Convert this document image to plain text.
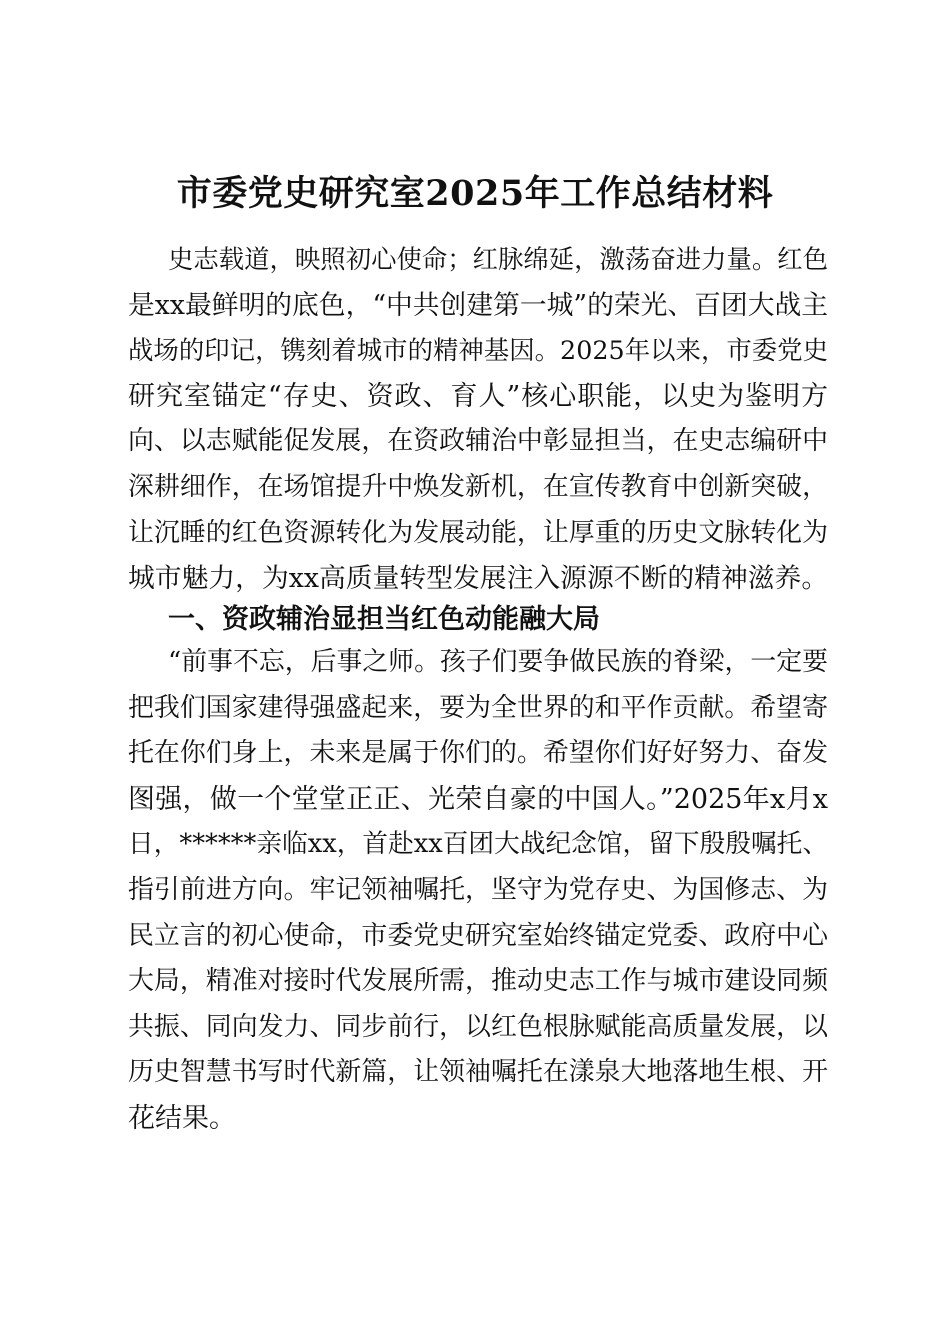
市委党史研究室2025年工作总结材料
史志载道，映照初心使命；红脉绵延，激荡奋进力量。红色
是xx最鲜明的底色，“中共创建第一城”的荣光、百团大战主
战场的印记，镌刻着城市的精神基因。2025年以来，市委党史
研究室锚定“存史、资政、育人”核心职能，以史为鉴明方
向、以志赋能促发展，在资政辅治中彰显担当，在史志编研中
深耕细作，在场馆提升中焕发新机，在宣传教育中创新突破，
让沉睡的红色资源转化为发展动能，让厚重的历史文脉转化为
城市魅力，为xx高质量转型发展注入源源不断的精神滋养。
一、资政辅治显担当红色动能融大局
“前事不忘，后事之师。孩子们要争做民族的脊梁，一定要
把我们国家建得强盛起来，要为全世界的和平作贡献。希望寄
托在你们身上，未来是属于你们的。希望你们好好努力、奋发
图强，做一个堂堂正正、光荣自豪的中国人。”2025年x月x
日，******亲临xx，首赴xx百团大战纪念馆，留下殷殷嘱托、
指引前进方向。牢记领袖嘱托，坚守为党存史、为国修志、为
民立言的初心使命，市委党史研究室始终锚定党委、政府中心
大局，精准对接时代发展所需，推动史志工作与城市建设同频
共振、同向发力、同步前行，以红色根脉赋能高质量发展，以
历史智慧书写时代新篇，让领袖嘱托在漾泉大地落地生根、开
花结果。
